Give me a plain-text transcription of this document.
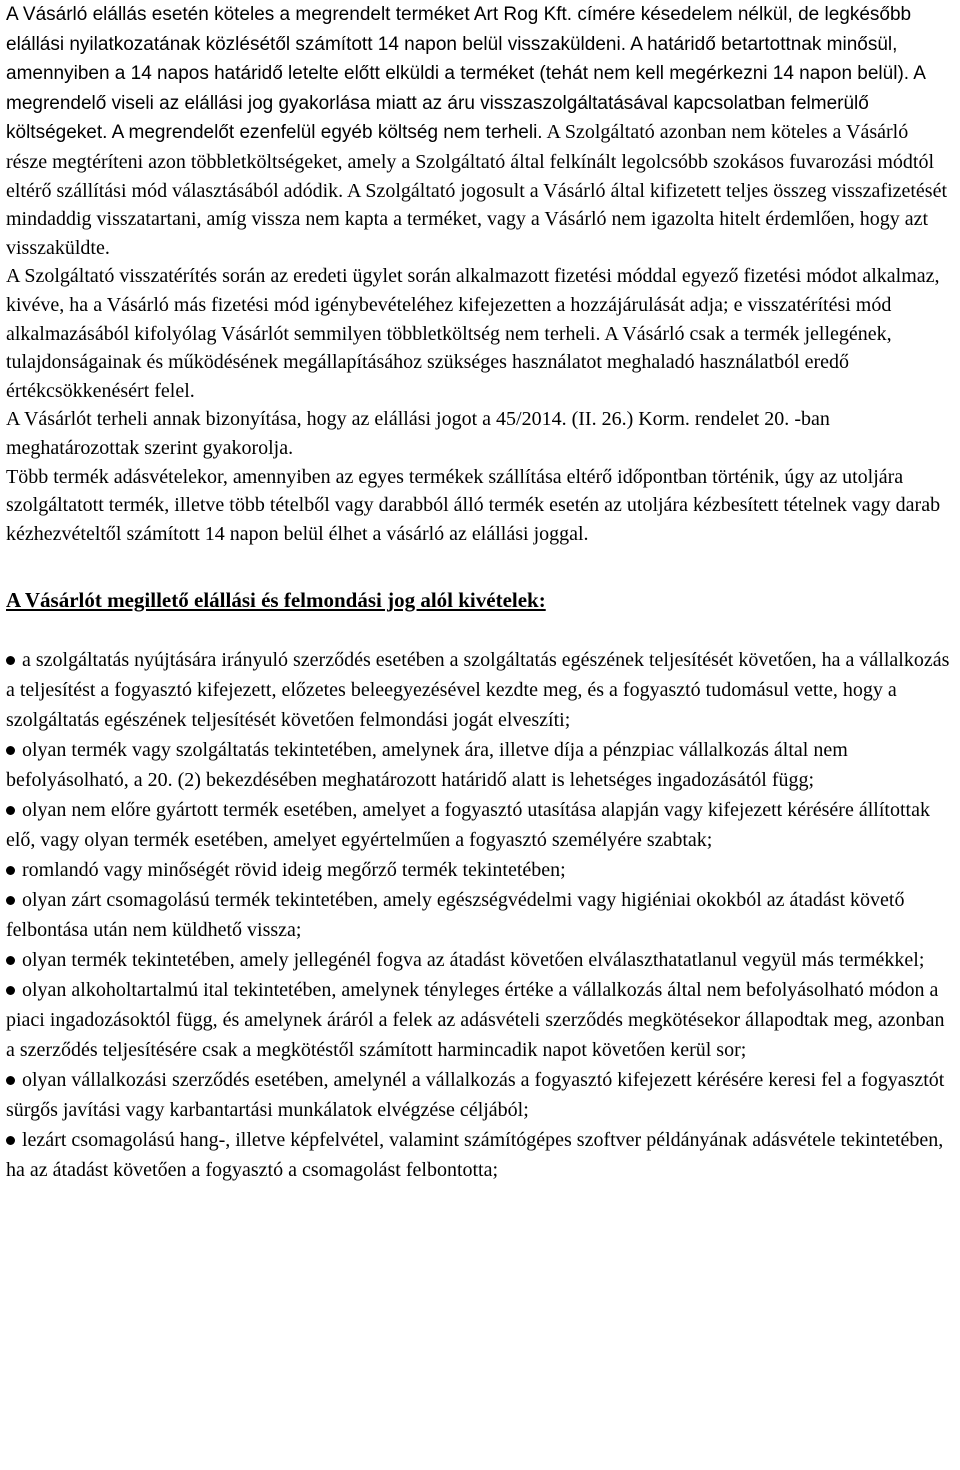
A Vásárló elállás esetén köteles a megrendelt terméket Art Rog Kft. címére késedelem nélkül, de legkésőbb elállási nyilatkozatának közlésétől számított 14 napon belül visszaküldeni. A határidő betartottnak minősül, amennyiben a 14 napos határidő letelte előtt elküldi a terméket (tehát nem kell megérkezni 14 napon belül). A megrendelő viseli az elállási jog gyakorlása miatt az áru visszaszolgáltatásával kapcsolatban felmerülő költségeket. A megrendelőt ezenfelül egyéb költség nem terheli. A Szolgáltató azonban nem köteles a Vásárló része megtéríteni azon többletköltségeket, amely a Szolgáltató által felkínált legolcsóbb szokásos fuvarozási módtól eltérő szállítási mód választásából adódik. A Szolgáltató jogosult a Vásárló által kifizetett teljes összeg visszafizetését mindaddig visszatartani, amíg vissza nem kapta a terméket, vagy a Vásárló nem igazolta hitelt érdemlően, hogy azt visszaküldte.

A Szolgáltató visszatérítés során az eredeti ügylet során alkalmazott fizetési móddal egyező fizetési módot alkalmaz, kivéve, ha a Vásárló más fizetési mód igénybevételéhez kifejezetten a hozzájárulását adja; e visszatérítési mód alkalmazásából kifolyólag Vásárlót semmilyen többletköltség nem terheli. A Vásárló csak a termék jellegének, tulajdonságainak és működésének megállapításához szükséges használatot meghaladó használatból eredő értékcsökkenésért felel.

A Vásárlót terheli annak bizonyítása, hogy az elállási jogot a 45/2014. (II. 26.) Korm. rendelet 20. -ban meghatározottak szerint gyakorolja.

Több termék adásvételekor, amennyiben az egyes termékek szállítása eltérő időpontban történik, úgy az utoljára szolgáltatott termék, illetve több tételből vagy darabból álló termék esetén az utoljára kézbesített tételnek vagy darab kézhezvételtől számított 14 napon belül élhet a vásárló az elállási joggal.

A Vásárlót megillető elállási és felmondási jog alól kivételek:
a szolgáltatás nyújtására irányuló szerződés esetében a szolgáltatás egészének teljesítését követően, ha a vállalkozás a teljesítést a fogyasztó kifejezett, előzetes beleegyezésével kezdte meg, és a fogyasztó tudomásul vette, hogy a szolgáltatás egészének teljesítését követően felmondási jogát elveszíti;
olyan termék vagy szolgáltatás tekintetében, amelynek ára, illetve díja a pénzpiac vállalkozás által nem befolyásolható, a 20. (2) bekezdésében meghatározott határidő alatt is lehetséges ingadozásától függ;
olyan nem előre gyártott termék esetében, amelyet a fogyasztó utasítása alapján vagy kifejezett kérésére állítottak elő, vagy olyan termék esetében, amelyet egyértelműen a fogyasztó személyére szabtak;
romlandó vagy minőségét rövid ideig megőrző termék tekintetében;
olyan zárt csomagolású termék tekintetében, amely egészségvédelmi vagy higiéniai okokból az átadást követő felbontása után nem küldhető vissza;
olyan termék tekintetében, amely jellegénél fogva az átadást követően elválaszthatatlanul vegyül más termékkel;
olyan alkoholtartalmú ital tekintetében, amelynek tényleges értéke a vállalkozás által nem befolyásolható módon a piaci ingadozásoktól függ, és amelynek áráról a felek az adásvételi szerződés megkötésekor állapodtak meg, azonban a szerződés teljesítésére csak a megkötéstől számított harmincadik napot követően kerül sor;
olyan vállalkozási szerződés esetében, amelynél a vállalkozás a fogyasztó kifejezett kérésére keresi fel a fogyasztót sürgős javítási vagy karbantartási munkálatok elvégzése céljából;
lezárt csomagolású hang-, illetve képfelvétel, valamint számítógépes szoftver példányának adásvétele tekintetében, ha az átadást követően a fogyasztó a csomagolást felbontotta;
